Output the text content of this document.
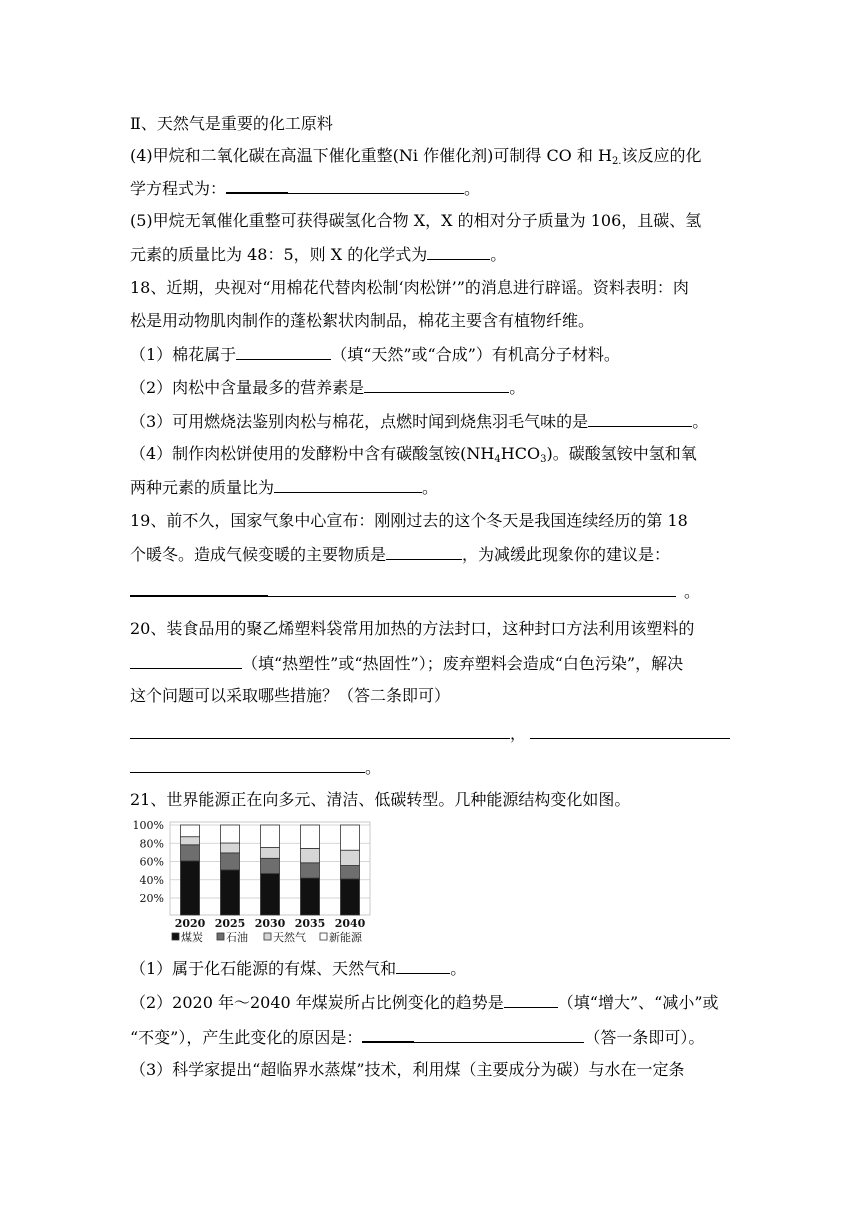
Ⅱ、天然气是重要的化工原料
(4)甲烷和二氧化碳在高温下催化重整(Ni 作催化剂)可制得 CO 和 $H_{2.}$该反应的化
学方程式为：	。
(5)甲烷无氧催化重整可获得碳氢化合物 X，X 的相对分子质量为 106，且碳、氢
元素的质量比为 48：5，则 X 的化学式为	。
18、近期，央视对“用棉花代替肉松制‘肉松饼’”的消息进行辟谣。资料表明：肉
松是用动物肌肉制作的蓬松絮状肉制品，棉花主要含有植物纤维。
（1）棉花属于	（填“天然”或“合成”）有机高分子材料。
（2）肉松中含量最多的营养素是	。
（3）可用燃烧法鉴别肉松与棉花，点燃时闻到烧焦羽毛气味的是	。
（4）制作肉松饼使用的发酵粉中含有碳酸氢铵$(NH_4HCO_3)$。碳酸氢铵中氢和氧
两种元素的质量比为	。
19、前不久，国家气象中心宣布：刚刚过去的这个冬天是我国连续经历的第 18
个暖冬。造成气候变暖的主要物质是	，为减缓此现象你的建议是：
。
20、装食品用的聚乙烯塑料袋常用加热的方法封口，这种封口方法利用该塑料的
（填“热塑性”或“热固性”）；废弃塑料会造成“白色污染”，解决
这个问题可以采取哪些措施？（答二条即可）
，
。
21、世界能源正在向多元、清洁、低碳转型。几种能源结构变化如图。
（1）属于化石能源的有煤、天然气和	。
（2）2020 年～2040 年煤炭所占比例变化的趋势是	（填“增大”、“减小”或
“不变”），产生此变化的原因是：	（答一条即可）。
（3）科学家提出“超临界水蒸煤”技术，利用煤（主要成分为碳）与水在一定条
100%
80%
60%
40%
20%
2020 2025 2030 2035 2040
煤炭 石油 天然气 新能源
